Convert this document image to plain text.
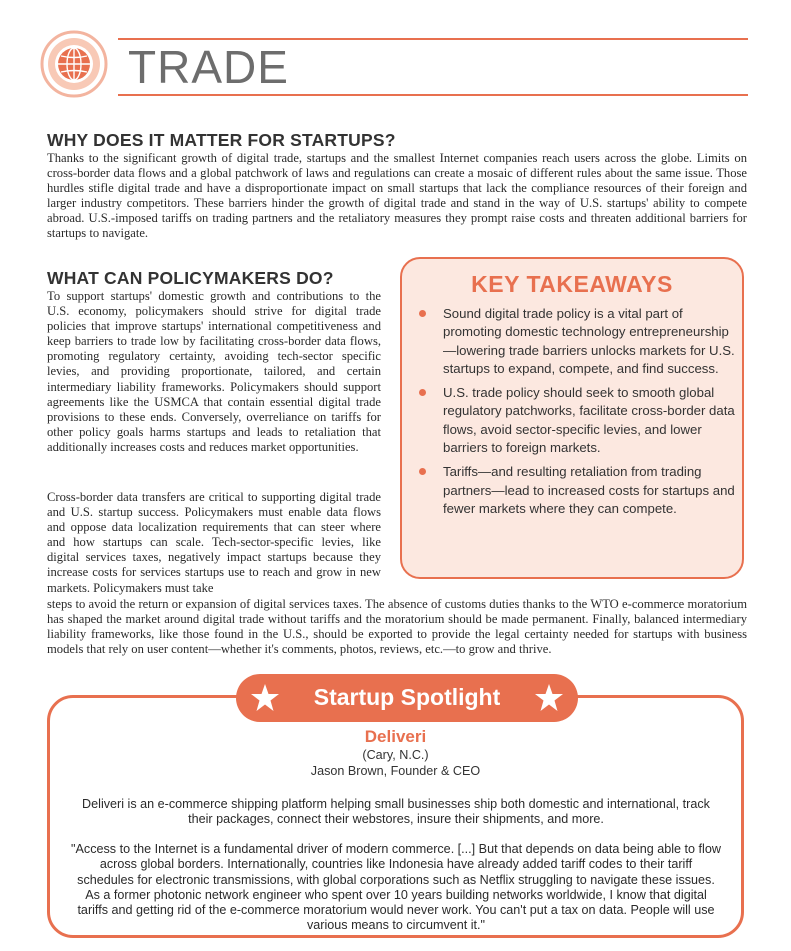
TRADE
WHY DOES IT MATTER FOR STARTUPS?

Thanks to the significant growth of digital trade, startups and the smallest Internet companies reach users across the globe. Limits on cross-border data flows and a global patchwork of laws and regulations can create a mosaic of different rules about the same issue. Those hurdles stifle digital trade and have a disproportionate impact on small startups that lack the compliance resources of their foreign and larger industry competitors. These barriers hinder the growth of digital trade and stand in the way of U.S. startups' ability to compete abroad. U.S.-imposed tariffs on trading partners and the retaliatory measures they prompt raise costs and threaten additional barriers for startups to navigate.

WHAT CAN POLICYMAKERS DO?

To support startups' domestic growth and contributions to the U.S. economy, policymakers should strive for digital trade policies that improve startups' international competitiveness and keep barriers to trade low by facilitating cross-border data flows, promoting regulatory certainty, avoiding tech-sector specific levies, and providing proportionate, tailored, and certain intermediary liability frameworks. Policymakers should support agreements like the USMCA that contain essential digital trade provisions to these ends. Conversely, overreliance on tariffs for other policy goals harms startups and leads to retaliation that additionally increases costs and reduces market opportunities.

Cross-border data transfers are critical to supporting digital trade and U.S. startup success. Policymakers must enable data flows and oppose data localization requirements that can steer where and how startups can scale. Tech-sector-specific levies, like digital services taxes, negatively impact startups because they increase costs for services startups use to reach and grow in new markets. Policymakers must take

steps to avoid the return or expansion of digital services taxes. The absence of customs duties thanks to the WTO e-commerce moratorium has shaped the market around digital trade without tariffs and the moratorium should be made permanent. Finally, balanced intermediary liability frameworks, like those found in the U.S., should be exported to provide the legal certainty needed for startups with business models that rely on user content—whether it's comments, photos, reviews, etc.—to grow and thrive.

KEY TAKEAWAYS
Sound digital trade policy is a vital part of promoting domestic technology entrepreneurship—lowering trade barriers unlocks markets for U.S. startups to expand, compete, and find success.
U.S. trade policy should seek to smooth global regulatory patchworks, facilitate cross-border data flows, avoid sector-specific levies, and lower barriers to foreign markets.
Tariffs—and resulting retaliation from trading partners—lead to increased costs for startups and fewer markets where they can compete.
Startup Spotlight
Deliveri
(Cary, N.C.)
Jason Brown, Founder & CEO
Deliveri is an e-commerce shipping platform helping small businesses ship both domestic and international, track their packages, connect their webstores, insure their shipments, and more.
"Access to the Internet is a fundamental driver of modern commerce. [...] But that depends on data being able to flow across global borders. Internationally, countries like Indonesia have already added tariff codes to their tariff schedules for electronic transmissions, with global corporations such as Netflix struggling to navigate these issues. As a former photonic network engineer who spent over 10 years building networks worldwide, I know that digital tariffs and getting rid of the e-commerce moratorium would never work. You can't put a tax on data. People will use various means to circumvent it."
